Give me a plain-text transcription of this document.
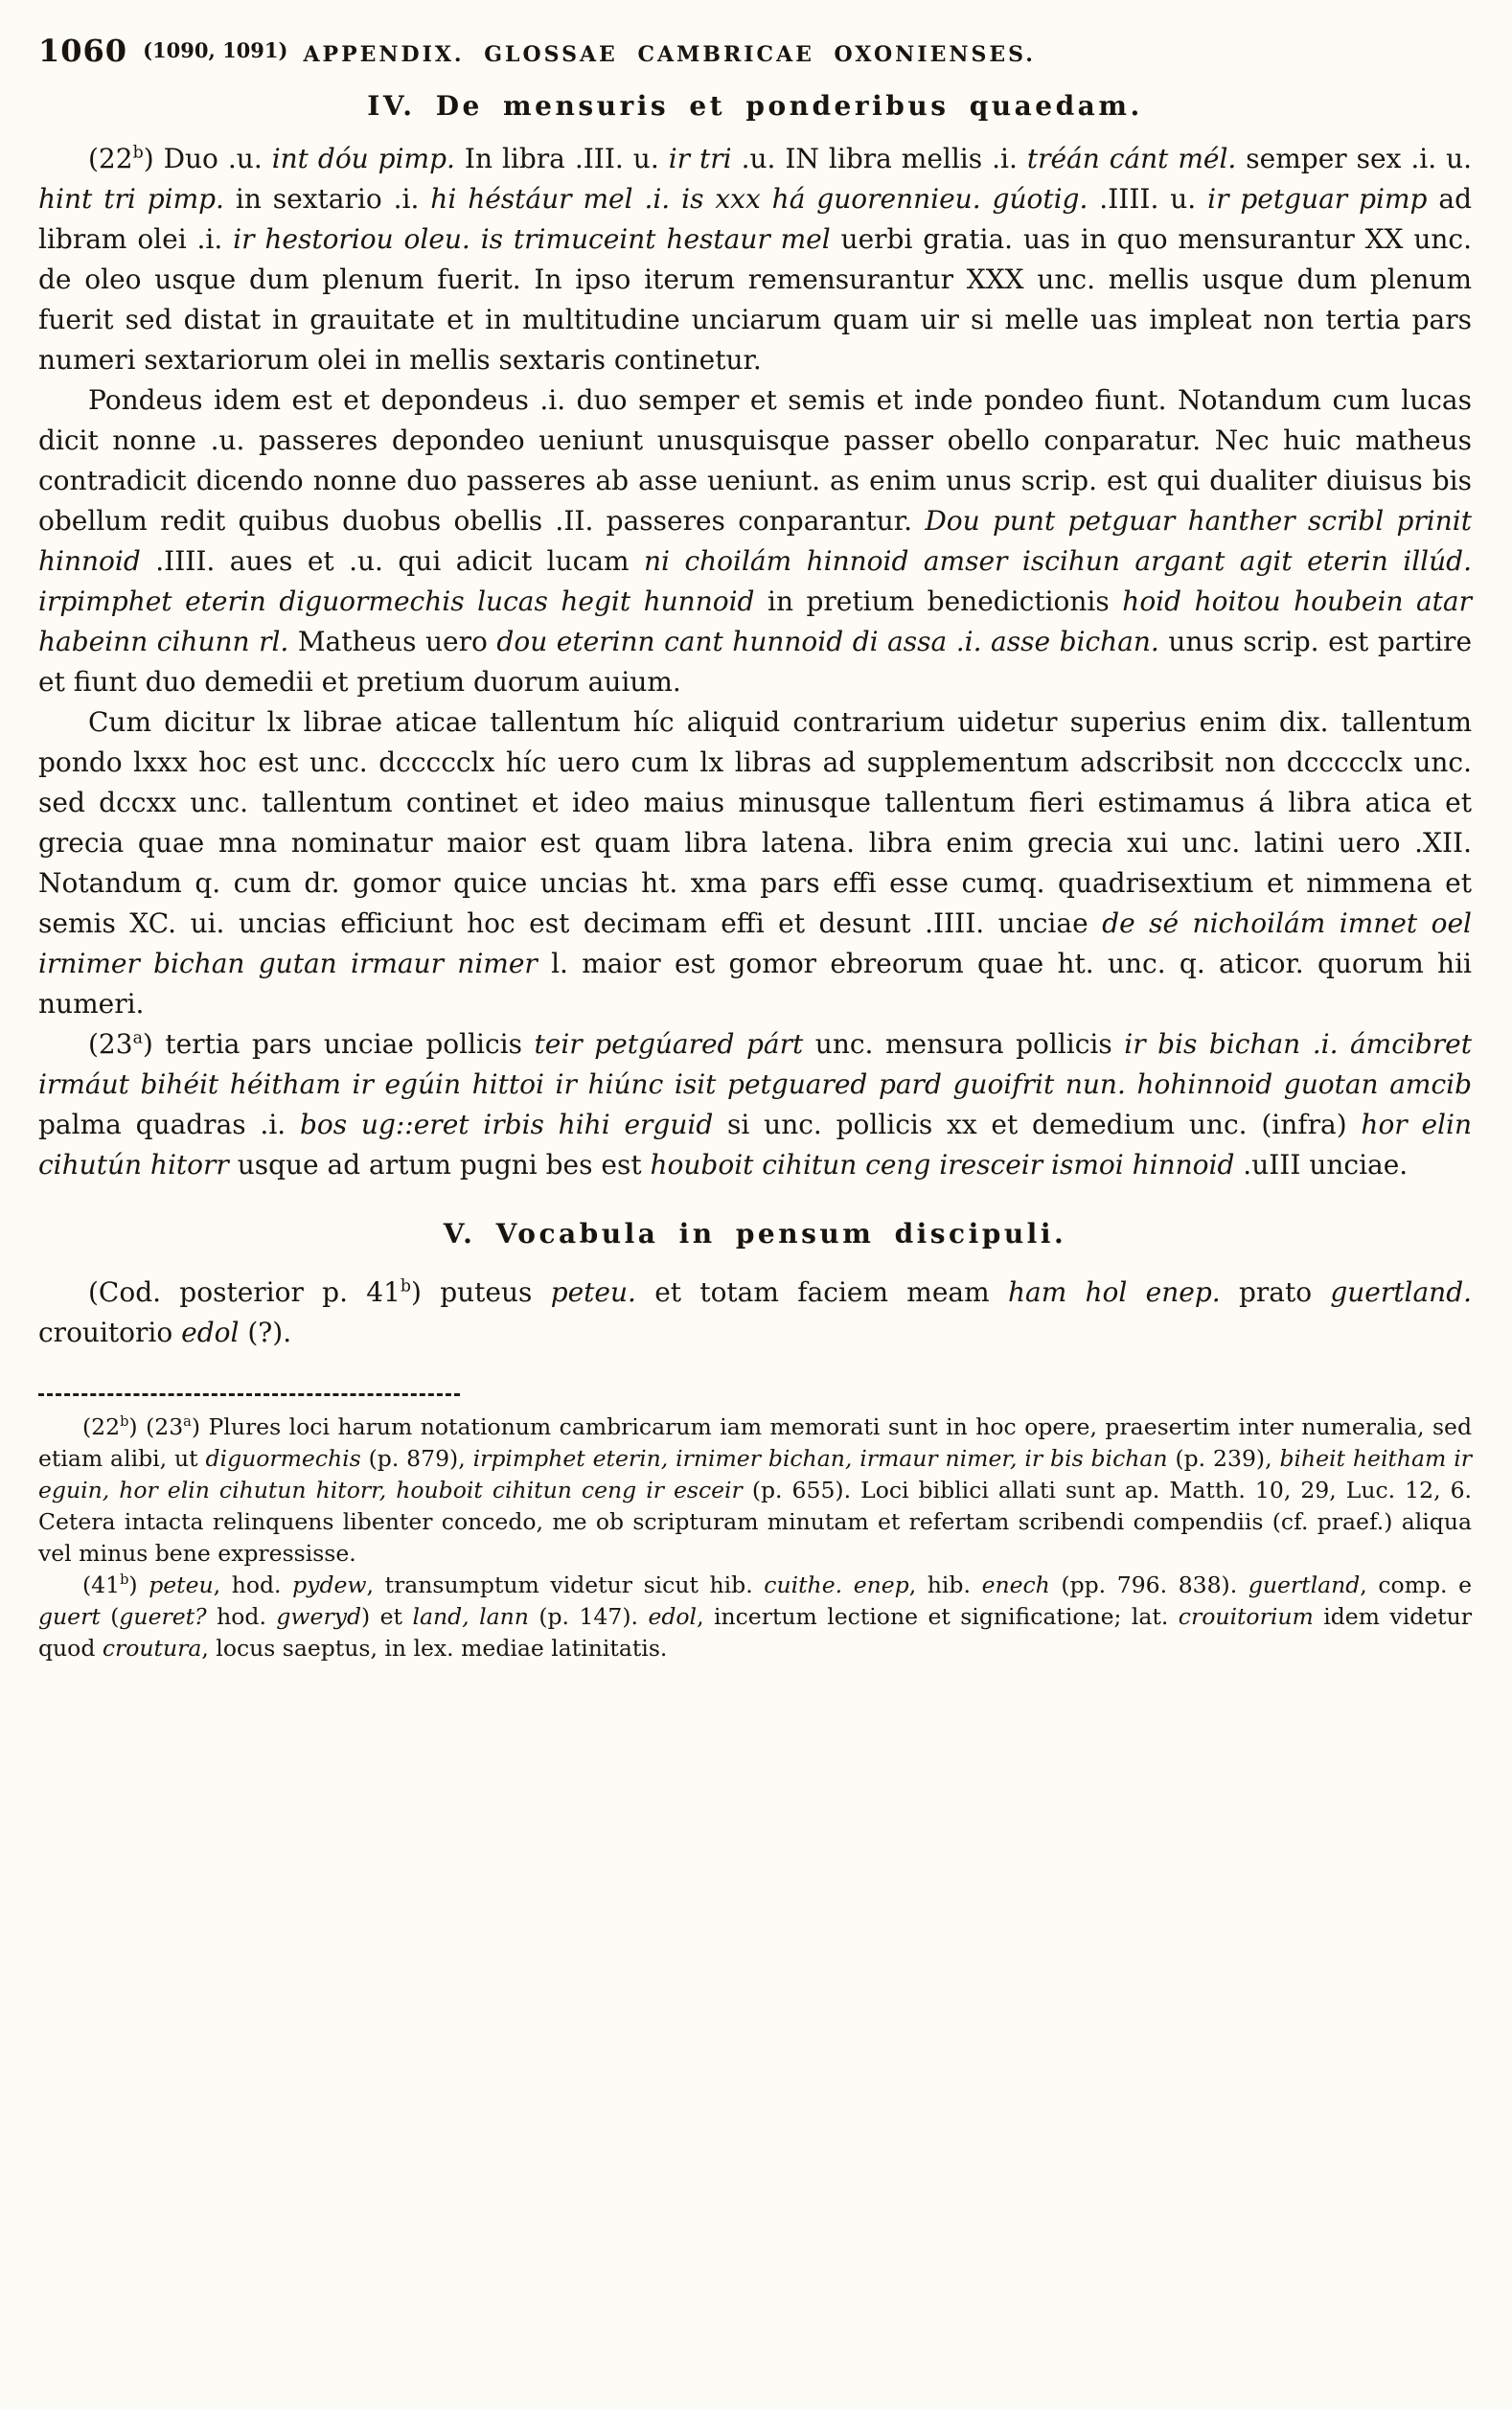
1060 (1090, 1091) APPENDIX. GLOSSAE CAMBRICAE OXONIENSES.
IV. De mensuris et ponderibus quaedam.

(22$^b$) Duo .u. int dóu pimp. In libra .III. u. ir tri .u. IN libra mellis .i. tréán cánt mél. semper sex .i. u. hint tri pimp. in sextario .i. hi héstáur mel .i. is xxx há guorennieu. gúotig. .IIII. u. ir petguar pimp ad libram olei .i. ir hestoriou oleu. is trimuceint hestaur mel uerbi gratia. uas in quo mensurantur XX unc. de oleo usque dum plenum fuerit. In ipso iterum remensurantur XXX unc. mellis usque dum plenum fuerit sed distat in grauitate et in multitudine unciarum quam uir si melle uas impleat non tertia pars numeri sextariorum olei in mellis sextaris continetur.

Pondeus idem est et depondeus .i. duo semper et semis et inde pondeo fiunt. Notandum cum lucas dicit nonne .u. passeres depondeo ueniunt unusquisque passer obello conparatur. Nec huic matheus contradicit dicendo nonne duo passeres ab asse ueniunt. as enim unus scrip. est qui dualiter diuisus bis obellum redit quibus duobus obellis .II. passeres conparantur. Dou punt petguar hanther scribl prinit hinnoid .IIII. aues et .u. qui adicit lucam ni choilám hinnoid amser iscihun argant agit eterin illúd. irpimphet eterin diguormechis lucas hegit hunnoid in pretium benedictionis hoid hoitou houbein atar habeinn cihunn rl. Matheus uero dou eterinn cant hunnoid di assa .i. asse bichan. unus scrip. est partire et fiunt duo demedii et pretium duorum auium.

Cum dicitur lx librae aticae tallentum híc aliquid contrarium uidetur superius enim dix. tallentum pondo lxxx hoc est unc. dccccclx híc uero cum lx libras ad supplementum adscribsit non dccccclx unc. sed dccxx unc. tallentum continet et ideo maius minusque tallentum fieri estimamus á libra atica et grecia quae mna nominatur maior est quam libra latena. libra enim grecia xui unc. latini uero .XII. Notandum q. cum dr. gomor quice uncias ht. xma pars effi esse cumq. quadrisextium et nimmena et semis XC. ui. uncias efficiunt hoc est decimam effi et desunt .IIII. unciae de sé nichoilám imnet oel irnimer bichan gutan irmaur nimer l. maior est gomor ebreorum quae ht. unc. q. aticor. quorum hii numeri.

(23$^a$) tertia pars unciae pollicis teir petgúared párt unc. mensura pollicis ir bis bichan .i. ámcibret irmáut bihéit héitham ir egúin hittoi ir hiúnc isit petguared pard guoifrit nun. hohinnoid guotan amcib palma quadras .i. bos ug::eret irbis hihi erguid si unc. pollicis xx et demedium unc. (infra) hor elin cihutún hitorr usque ad artum pugni bes est houboit cihitun ceng iresceir ismoi hinnoid .uIII unciae.

V. Vocabula in pensum discipuli.

(Cod. posterior p. 41$^b$) puteus peteu. et totam faciem meam ham hol enep. prato guertland. crouitorio edol (?).

(22$^b$) (23$^a$) Plures loci harum notationum cambricarum iam memorati sunt in hoc opere, praesertim inter numeralia, sed etiam alibi, ut diguormechis (p. 879), irpimphet eterin, irnimer bichan, irmaur nimer, ir bis bichan (p. 239), biheit heitham ir eguin, hor elin cihutun hitorr, houboit cihitun ceng ir esceir (p. 655). Loci biblici allati sunt ap. Matth. 10, 29, Luc. 12, 6. Cetera intacta relinquens libenter concedo, me ob scripturam minutam et refertam scribendi compendiis (cf. praef.) aliqua vel minus bene expressisse.

(41$^b$) peteu, hod. pydew, transumptum videtur sicut hib. cuithe. enep, hib. enech (pp. 796. 838). guertland, comp. e guert (gueret? hod. gweryd) et land, lann (p. 147). edol, incertum lectione et significatione; lat. crouitorium idem videtur quod croutura, locus saeptus, in lex. mediae latinitatis.
